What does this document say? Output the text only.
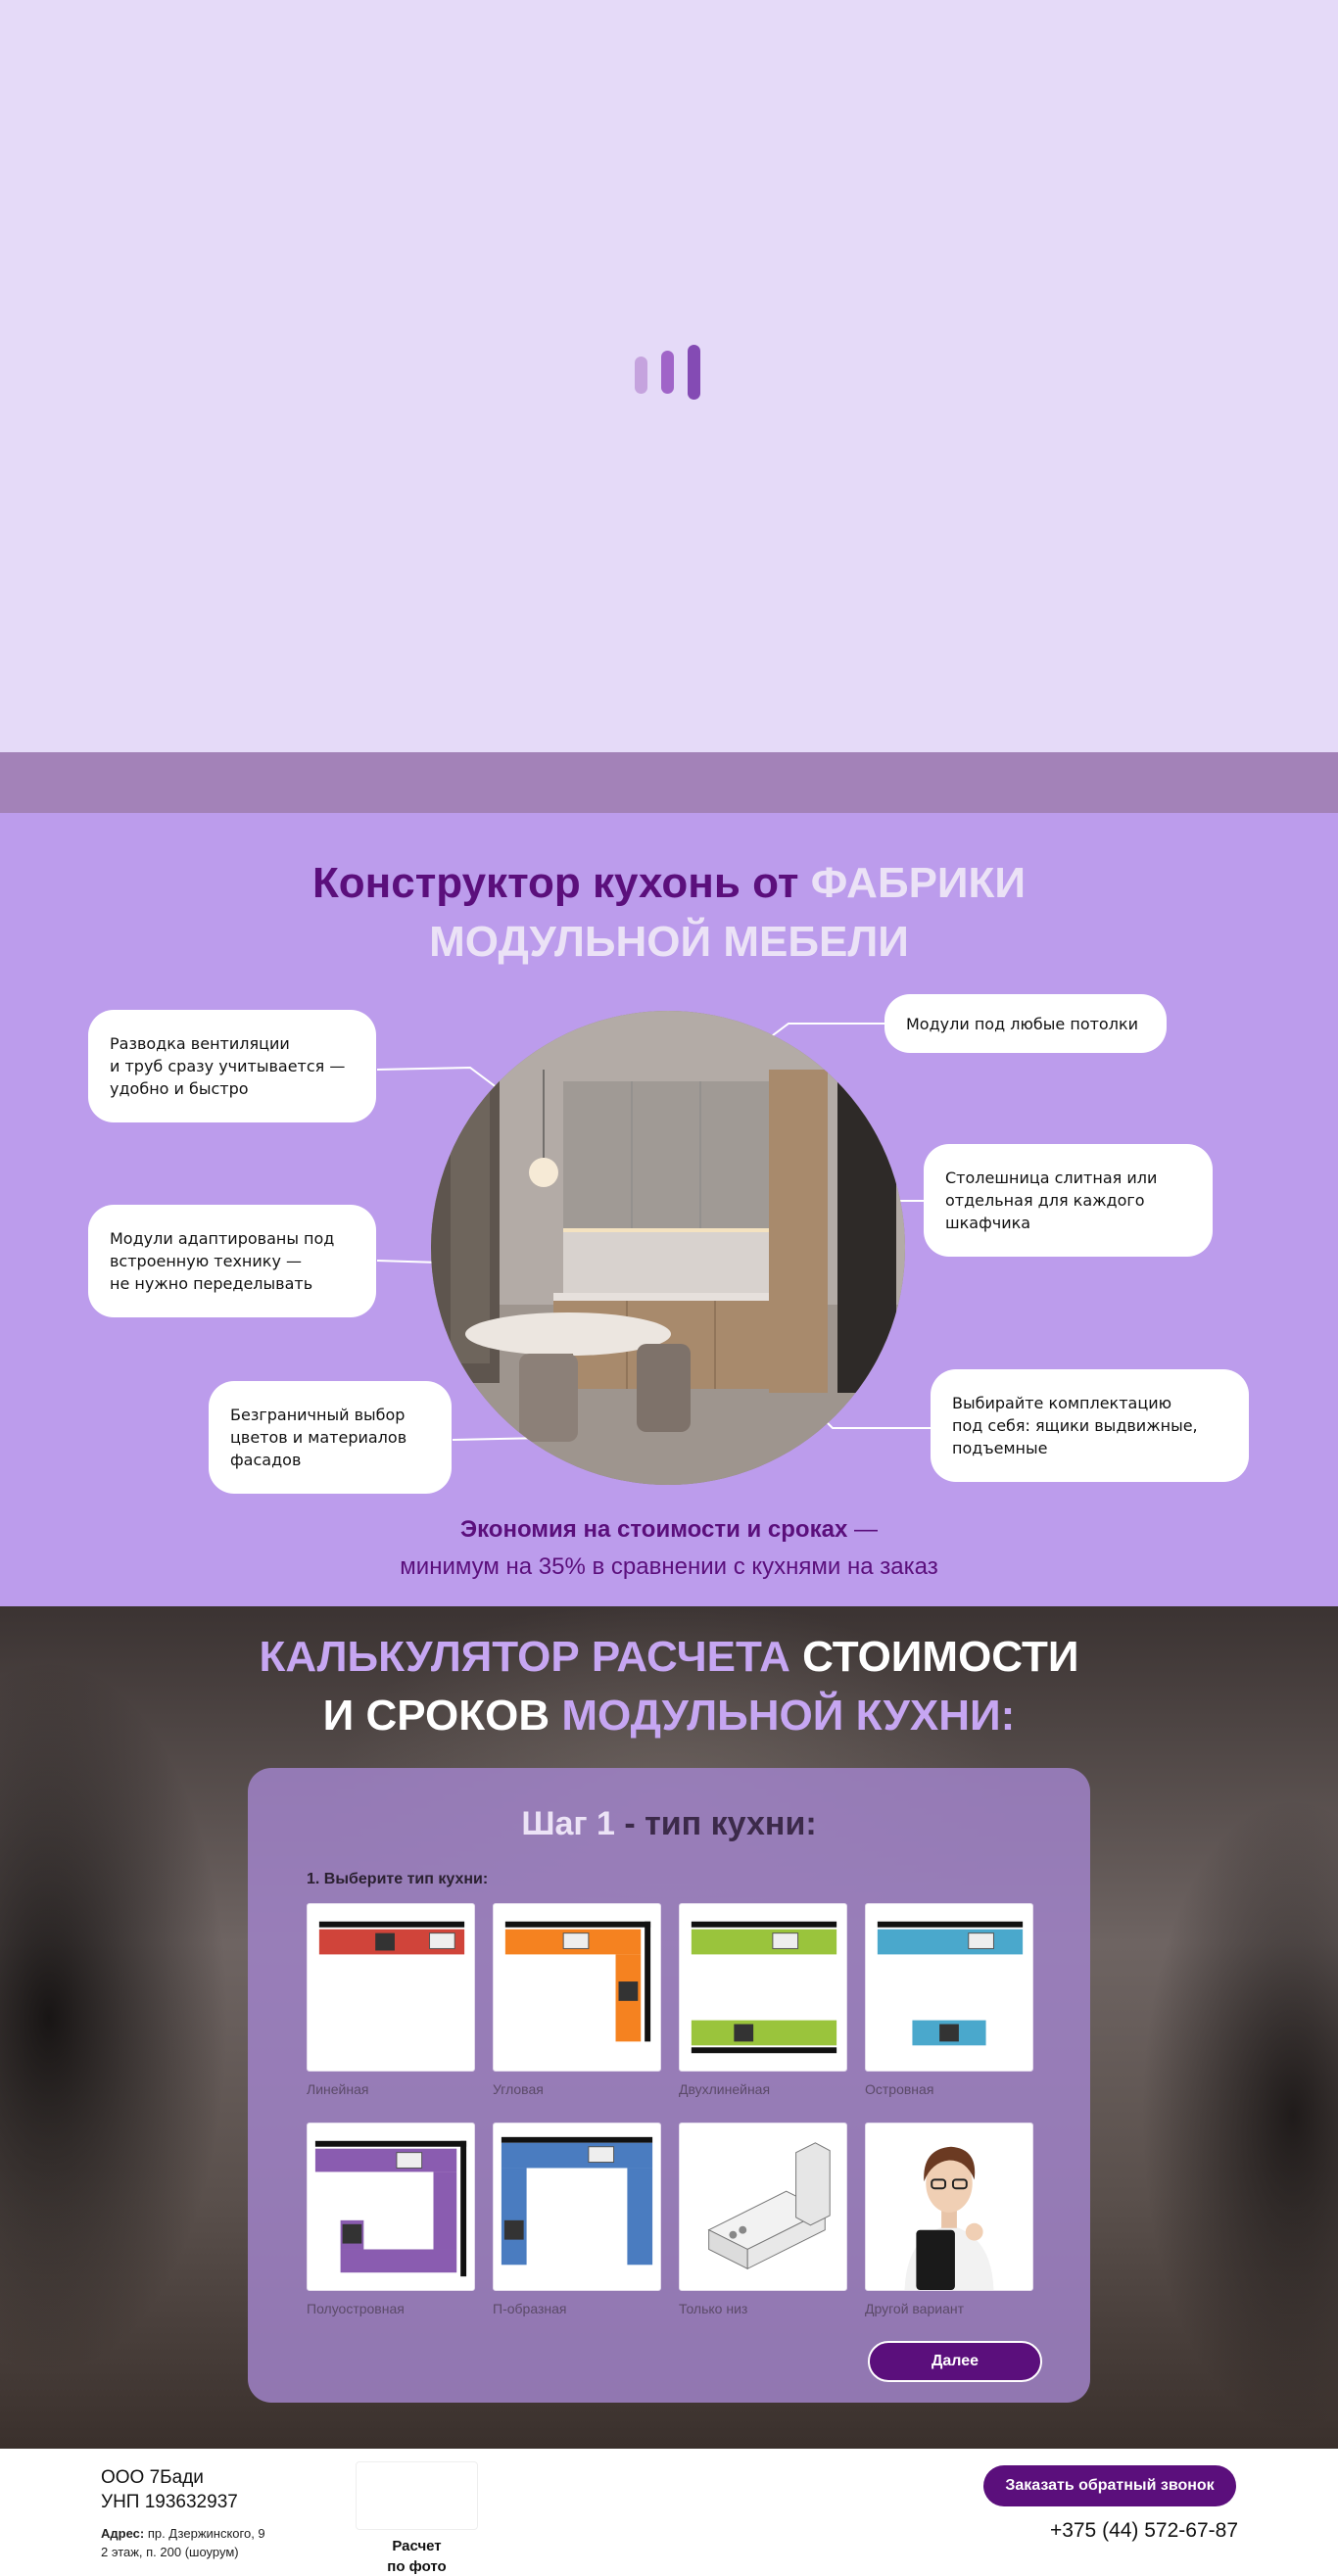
Конструктор кухонь от ФАБРИКИ
МОДУЛЬНОЙ МЕБЕЛИ
Разводка вентиляции
и труб сразу учитывается —
удобно и быстро
Модули под любые потолки
Модули адаптированы под
встроенную технику —
не нужно переделывать
Столешница слитная или
отдельная для каждого
шкафчика
Безграничный выбор
цветов и материалов
фасадов
Выбирайте комплектацию
под себя: ящики выдвижные,
подъемные
Экономия на стоимости и сроках —
минимум на 35% в сравнении с кухнями на заказ
КАЛЬКУЛЯТОР РАСЧЕТА СТОИМОСТИ
И СРОКОВ МОДУЛЬНОЙ КУХНИ:
Шаг 1 - тип кухни:
1. Выберите тип кухни:
Линейная	Угловая	Двухлинейная	Островная
Полуостровная	П-образная	Только низ	Другой вариант
Далее
ООО 7Бади
УНП 193632937
Адрес: пр. Дзержинского, 9
2 этаж, п. 200 (шоурум)	Расчет
по фото
Заказать обратный звонок
+375 (44) 572-67-87
